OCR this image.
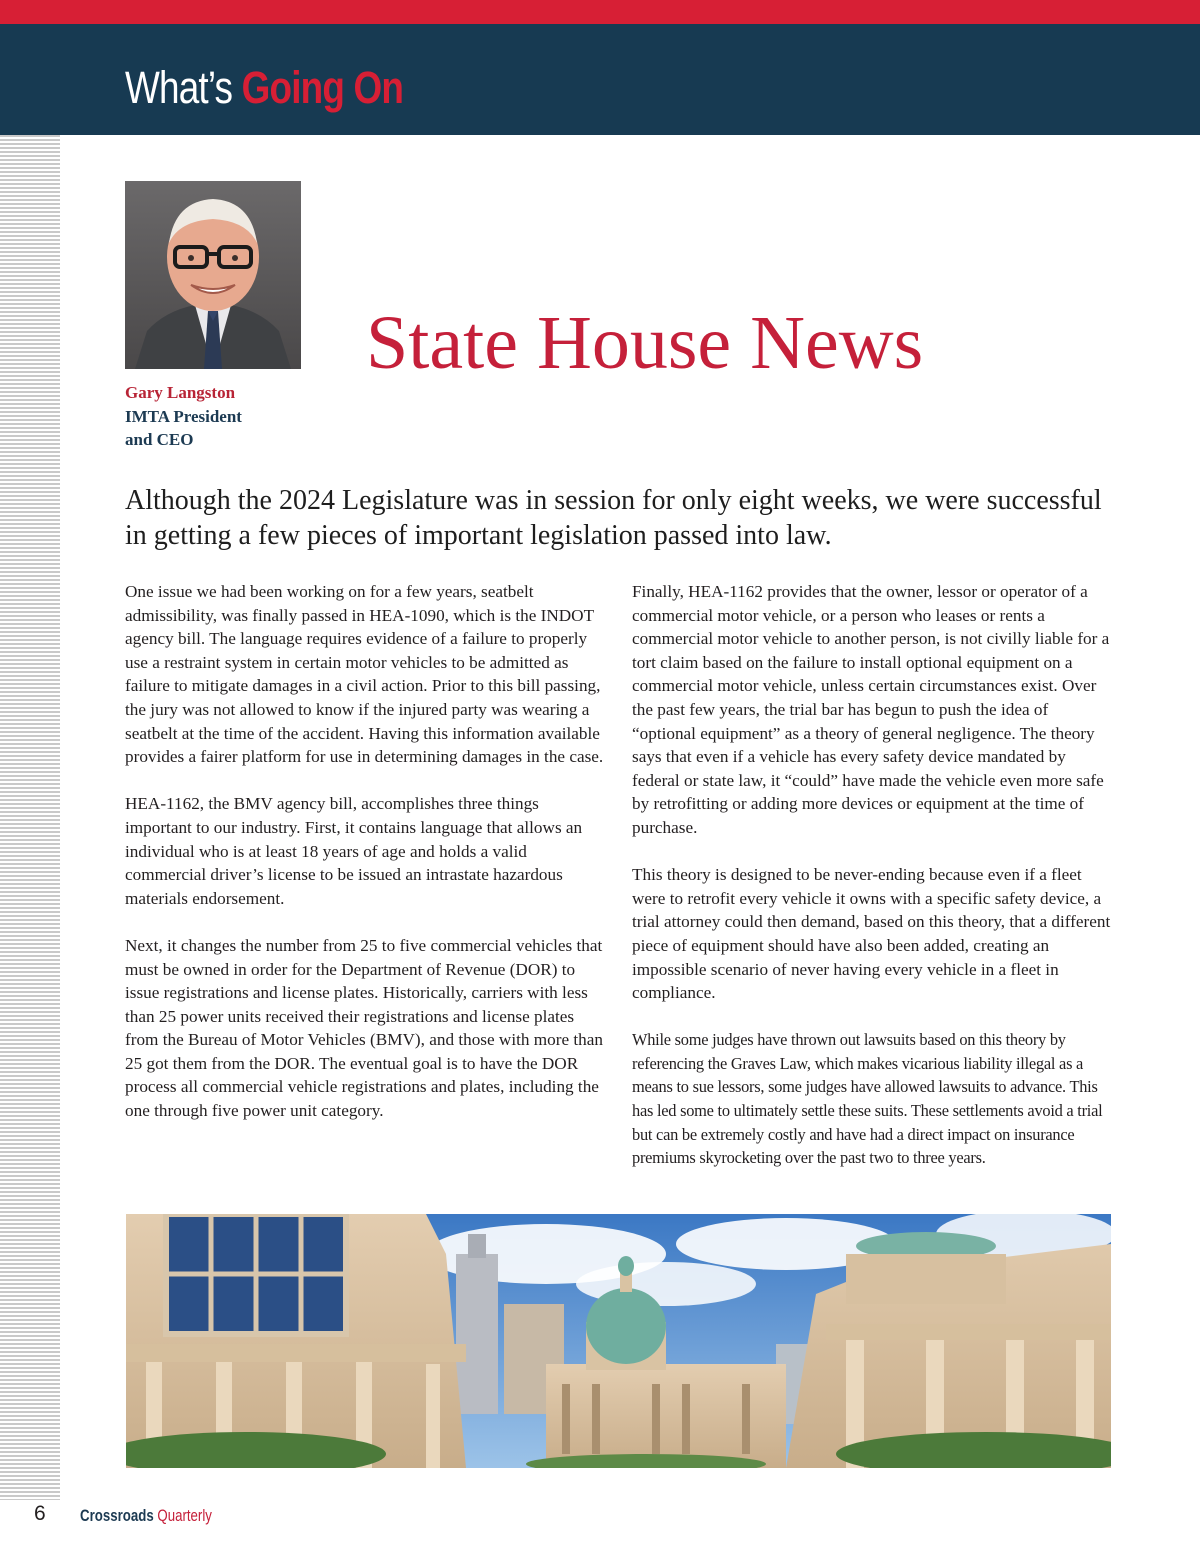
What’s Going On
Gary Langston
IMTA President
and CEO
State House News

Although the 2024 Legislature was in session for only eight weeks, we were successful in getting a few pieces of important legislation passed into law.

One issue we had been working on for a few years, seatbelt admissibility, was finally passed in HEA-1090, which is the INDOT agency bill. The language requires evidence of a failure to properly use a restraint system in certain motor vehicles to be admitted as failure to mitigate damages in a civil action. Prior to this bill passing, the jury was not allowed to know if the injured party was wearing a seatbelt at the time of the accident. Having this information available provides a fairer platform for use in determining damages in the case.

HEA-1162, the BMV agency bill, accomplishes three things important to our industry. First, it contains language that allows an individual who is at least 18 years of age and holds a valid commercial driver’s license to be issued an intrastate hazardous materials endorsement.

Next, it changes the number from 25 to five commercial vehicles that must be owned in order for the Department of Revenue (DOR) to issue registrations and license plates. Historically, carriers with less than 25 power units received their registrations and license plates from the Bureau of Motor Vehicles (BMV), and those with more than 25 got them from the DOR. The eventual goal is to have the DOR process all commercial vehicle registrations and plates, including the one through five power unit category.

Finally, HEA-1162 provides that the owner, lessor or operator of a commercial motor vehicle, or a person who leases or rents a commercial motor vehicle to another person, is not civilly liable for a tort claim based on the failure to install optional equipment on a commercial motor vehicle, unless certain circumstances exist. Over the past few years, the trial bar has begun to push the idea of “optional equipment” as a theory of general negligence. The theory says that even if a vehicle has every safety device mandated by federal or state law, it “could” have made the vehicle even more safe by retrofitting or adding more devices or equipment at the time of purchase.

This theory is designed to be never-ending because even if a fleet were to retrofit every vehicle it owns with a specific safety device, a trial attorney could then demand, based on this theory, that a different piece of equipment should have also been added, creating an impossible scenario of never having every vehicle in a fleet in compliance.

While some judges have thrown out lawsuits based on this theory by referencing the Graves Law, which makes vicarious liability illegal as a means to sue lessors, some judges have allowed lawsuits to advance. This has led some to ultimately settle these suits. These settlements avoid a trial but can be extremely costly and have had a direct impact on insurance premiums skyrocketing over the past two to three years.

6 Crossroads Quarterly
